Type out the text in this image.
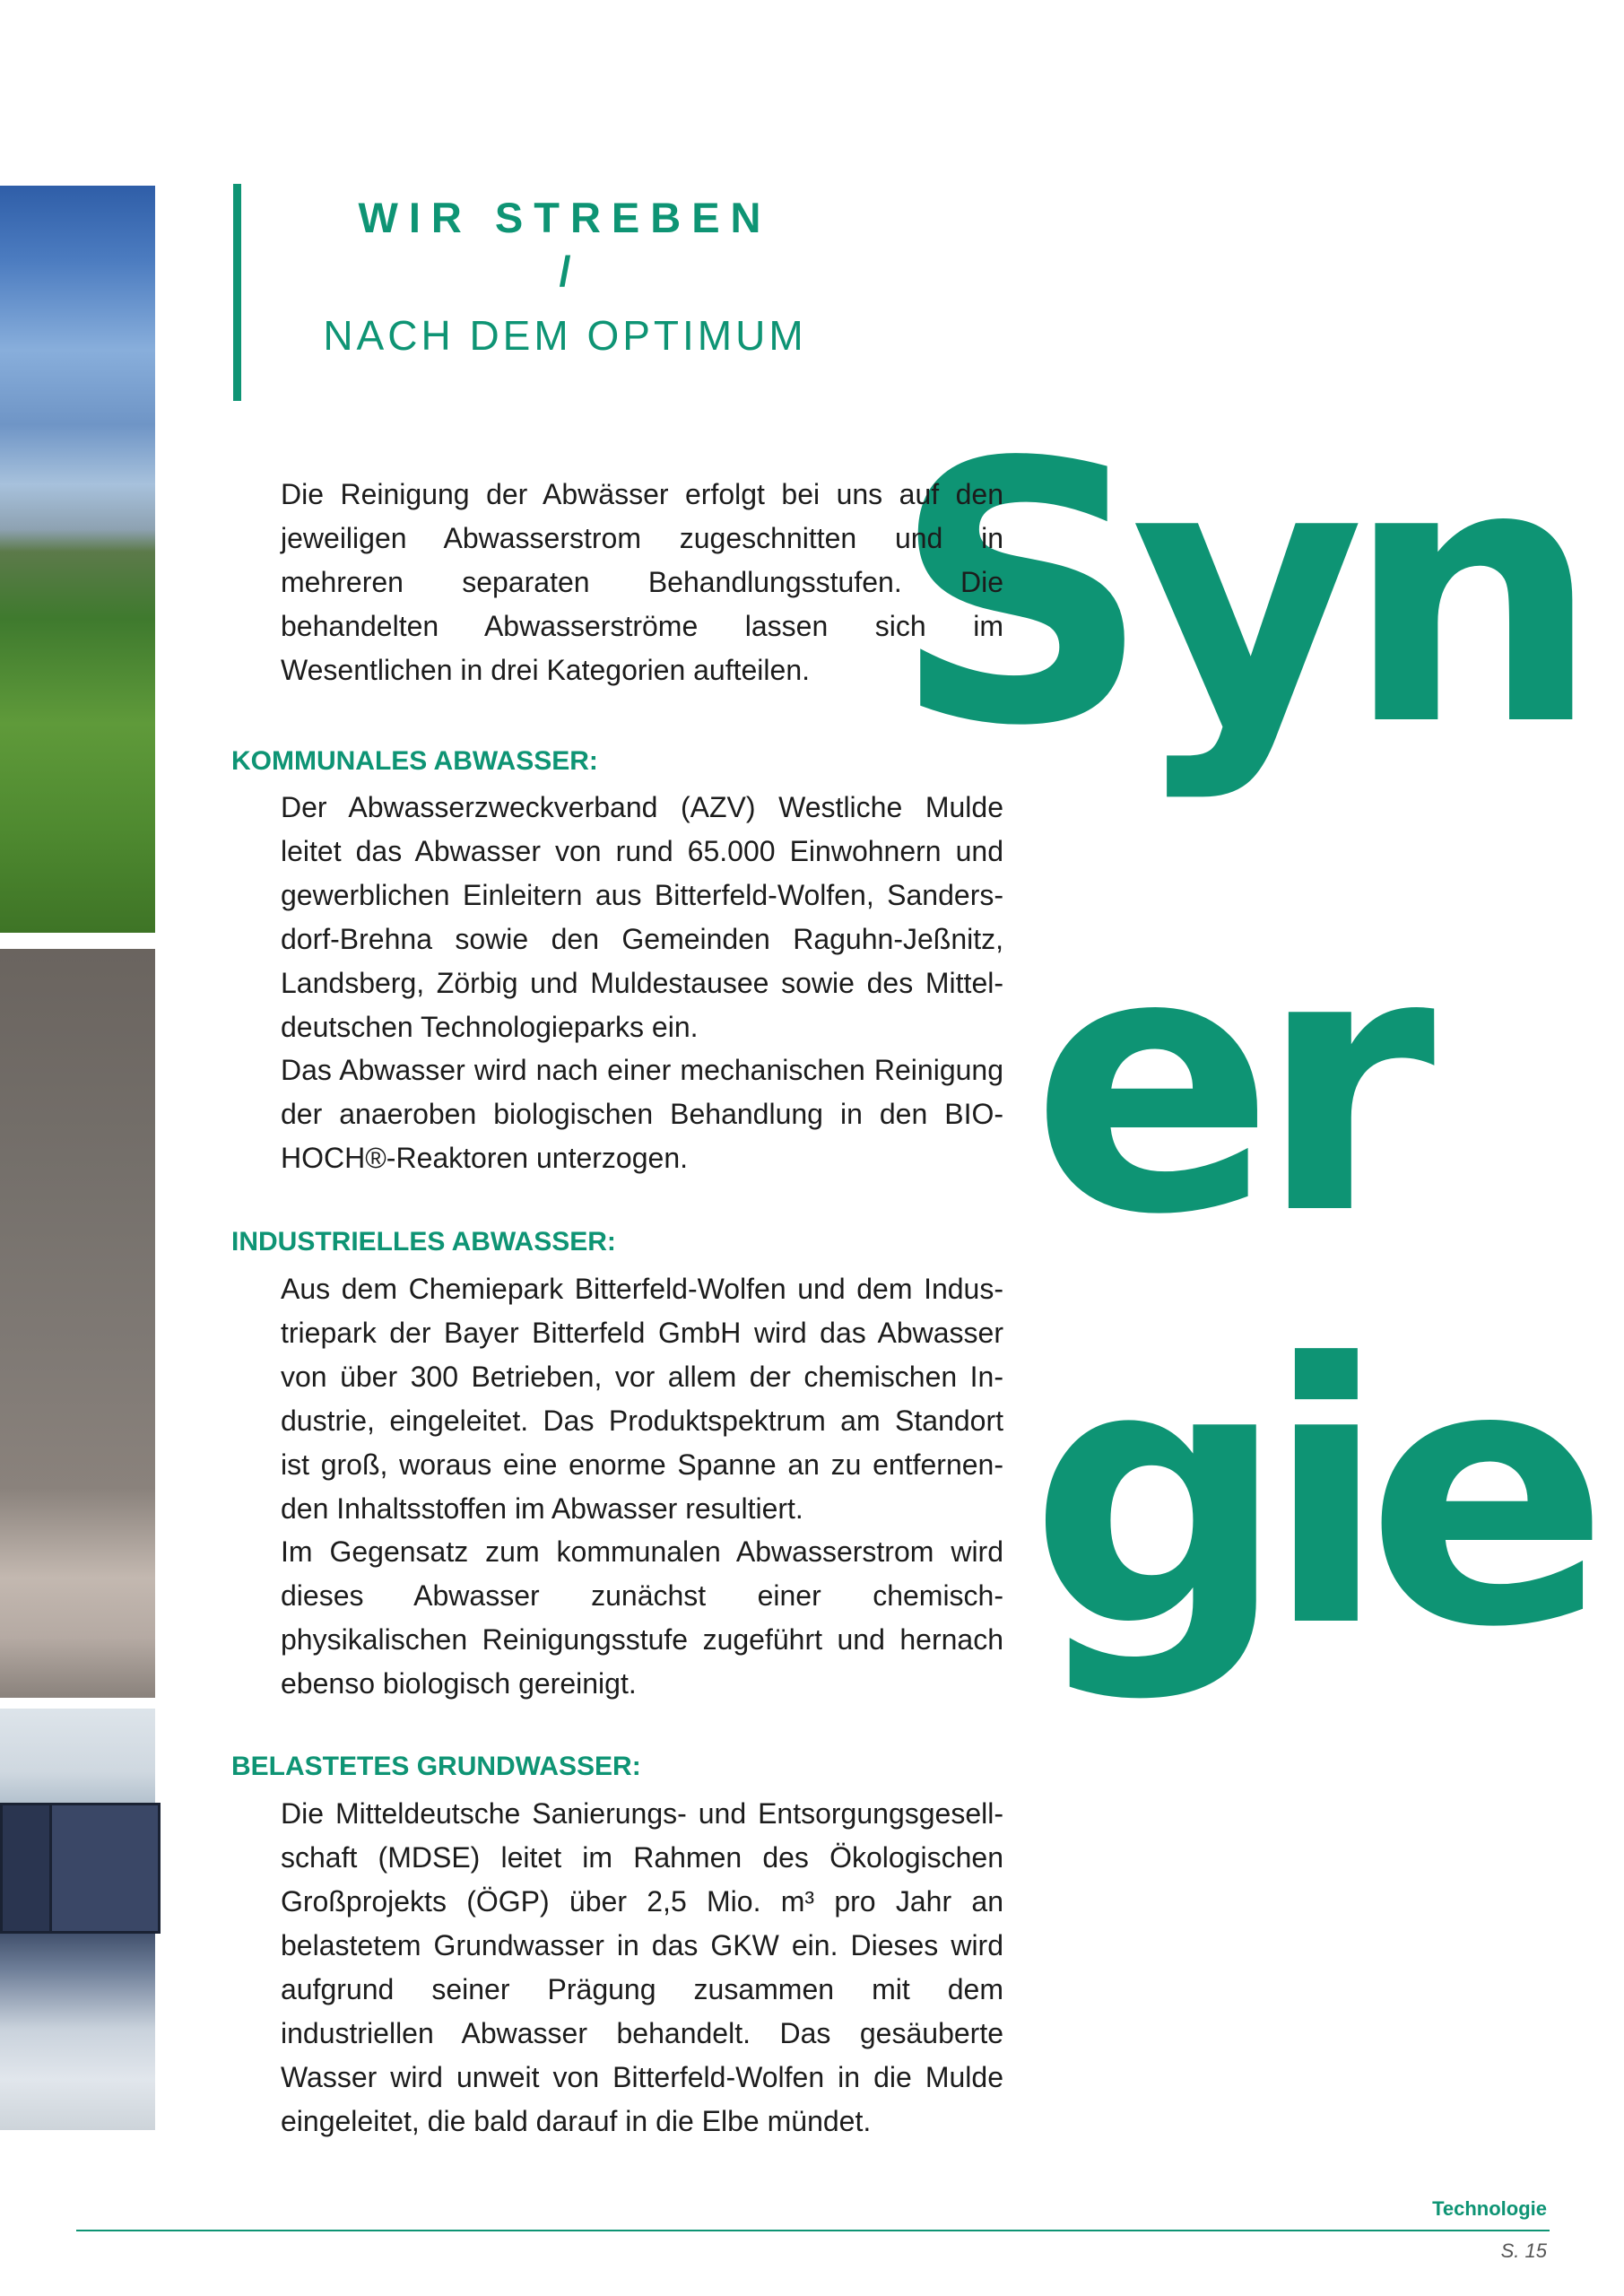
WIR STREBEN
/
NACH DEM OPTIMUM
Syn
er
gie

Die Reinigung der Abwässer erfolgt bei uns auf den jeweiligen Abwasserstrom zugeschnitten und in mehreren separaten Behandlungsstufen. Die behandelten Abwasserströme lassen sich im Wesentlichen in drei Kategorien aufteilen.

KOMMUNALES ABWASSER:

Der Abwasserzweckverband (AZV) Westliche Mulde leitet das Abwasser von rund 65.000 Einwohnern und gewerblichen Einleitern aus Bitterfeld-Wolfen, Sandersdorf-Brehna sowie den Gemeinden Raguhn-Jeßnitz, Landsberg, Zörbig und Muldestausee sowie des Mitteldeutschen Technologieparks ein.

Das Abwasser wird nach einer mechanischen Reinigung der anaeroben biologischen Behandlung in den BIOHOCH®-Reaktoren unterzogen.

INDUSTRIELLES ABWASSER:

Aus dem Chemiepark Bitterfeld-Wolfen und dem Industriepark der Bayer Bitterfeld GmbH wird das Abwasser von über 300 Betrieben, vor allem der chemischen Industrie, eingeleitet. Das Produktspektrum am Standort ist groß, woraus eine enorme Spanne an zu entfernenden Inhaltsstoffen im Abwasser resultiert.

Im Gegensatz zum kommunalen Abwasserstrom wird dieses Abwasser zunächst einer chemisch-physikalischen Reinigungsstufe zugeführt und hernach ebenso biologisch gereinigt.

BELASTETES GRUNDWASSER:

Die Mitteldeutsche Sanierungs- und Entsorgungsgesellschaft (MDSE) leitet im Rahmen des Ökologischen Großprojekts (ÖGP) über 2,5 Mio. m³ pro Jahr an belastetem Grundwasser in das GKW ein. Dieses wird aufgrund seiner Prägung zusammen mit dem industriellen Abwasser behandelt. Das gesäuberte Wasser wird unweit von Bitterfeld-Wolfen in die Mulde eingeleitet, die bald darauf in die Elbe mündet.

Technologie
S. 15
